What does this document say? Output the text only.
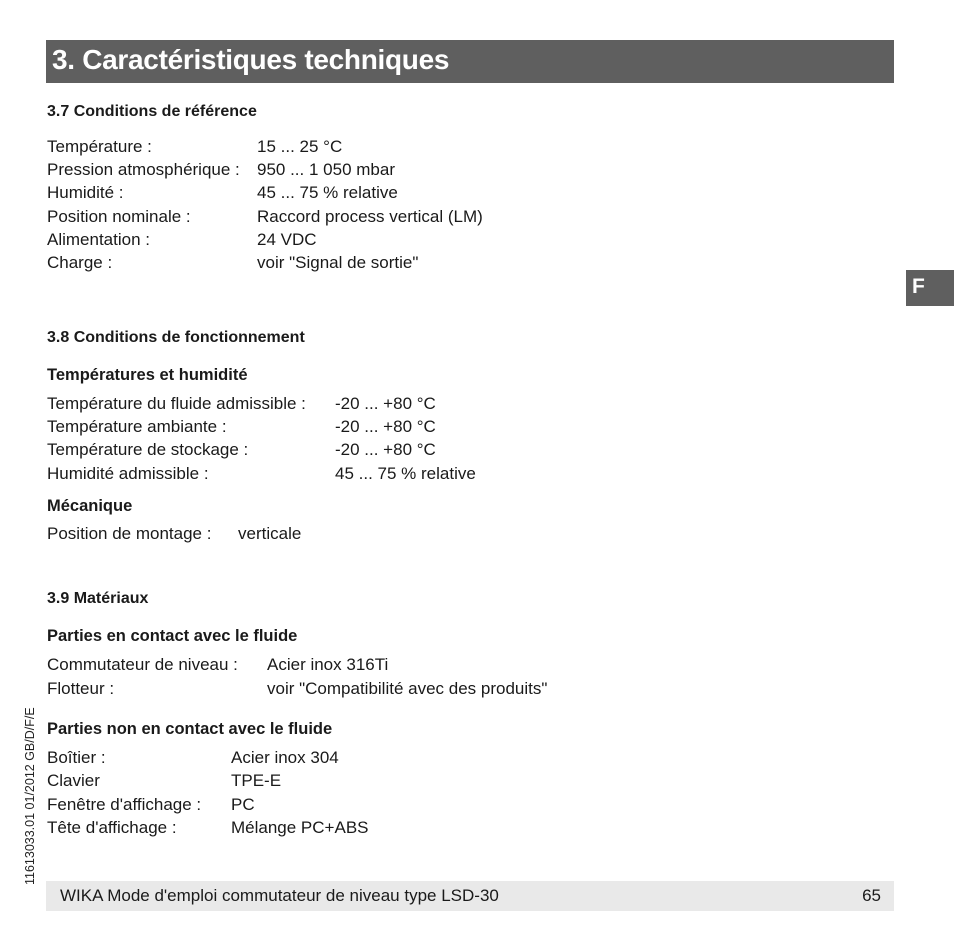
3. Caractéristiques techniques
F
11613033.01 01/2012 GB/D/F/E
3.7 Conditions de référence
Température :	15 ... 25 °C
Pression atmosphérique : 950 ... 1 050 mbar
Humidité :	45 ... 75 % relative
Position nominale :	Raccord process vertical (LM)
Alimentation :	24 VDC
Charge :	voir "Signal de sortie"
3.8 Conditions de fonctionnement
Températures et humidité
Température du fluide admissible : -20 ... +80 °C
Température ambiante :	-20 ... +80 °C
Température de stockage :	-20 ... +80 °C
Humidité admissible :	45 ... 75 % relative
Mécanique
Position de montage : verticale
3.9 Matériaux
Parties en contact avec le fluide
Commutateur de niveau : Acier inox 316Ti
Flotteur :	voir "Compatibilité avec des produits"
Parties non en contact avec le fluide
Boîtier :	Acier inox 304
Clavier	TPE-E
Fenêtre d'affichage : PC
Tête d'affichage :	Mélange PC+ABS
WIKA Mode d'emploi commutateur de niveau type LSD-30	65
